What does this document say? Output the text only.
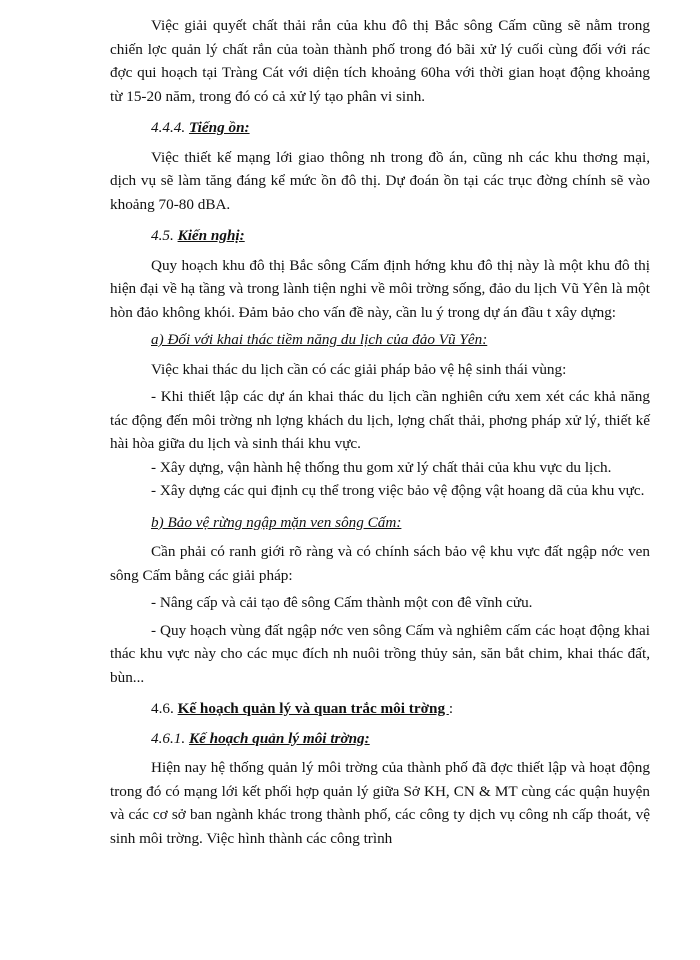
Việc giải quyết chất thải rắn của khu đô thị Bắc sông Cấm cũng sẽ nằm trong chiến lợc quản lý chất rắn của toàn thành phố trong đó bãi xử lý cuối cùng đối với rác đợc qui hoạch tại Tràng Cát với diện tích khoảng 60ha với thời gian hoạt động khoảng từ 15-20 năm, trong đó có cả xử lý tạo phân vi sinh.

4.4.4. Tiếng ồn:

Việc thiết kế mạng lới giao thông nh trong đồ án, cũng nh các khu thơng mại, dịch vụ sẽ làm tăng đáng kể mức ồn đô thị. Dự đoán ồn tại các trục đờng chính sẽ vào khoảng 70-80 dBA.

4.5. Kiến nghị:

Quy hoạch khu đô thị Bắc sông Cấm định hớng khu đô thị này là một khu đô thị hiện đại về hạ tầng và trong lành tiện nghi về môi trờng sống, đảo du lịch Vũ Yên là một hòn đảo không khói. Đảm bảo cho vấn đề này, cần lu ý trong dự án đầu t xây dựng:

a) Đối với khai thác tiềm năng du lịch của đảo Vũ Yên:

Việc khai thác du lịch cần có các giải pháp bảo vệ hệ sinh thái vùng:

- Khi thiết lập các dự án khai thác du lịch cần nghiên cứu xem xét các khả năng tác động đến môi trờng nh lợng khách du lịch, lợng chất thải, phơng pháp xử lý, thiết kế hài hòa giữa du lịch và sinh thái khu vực.

- Xây dựng, vận hành hệ thống thu gom xử lý chất thải của khu vực du lịch.

- Xây dựng các qui định cụ thể trong việc bảo vệ động vật hoang dã của khu vực.

b) Bảo vệ rừng ngập mặn ven sông Cấm:

Cần phải có ranh giới rõ ràng và có chính sách bảo vệ khu vực đất ngập nớc ven sông Cấm bằng các giải pháp:

- Nâng cấp và cải tạo đê sông Cấm thành một con đê vĩnh cửu.

- Quy hoạch vùng đất ngập nớc ven sông Cấm và nghiêm cấm các hoạt động khai thác khu vực này cho các mục đích nh nuôi trồng thủy sản, săn bắt chim, khai thác đất, bùn...

4.6. Kế hoạch quản lý và quan trắc môi trờng :
4.6.1. Kế hoạch quản lý môi trờng:

Hiện nay hệ thống quản lý môi trờng của thành phố đã đợc thiết lập và hoạt động trong đó có mạng lới kết phối hợp quản lý giữa Sở KH, CN & MT cùng các quận huyện và các cơ sở ban ngành khác trong thành phố, các công ty dịch vụ công nh cấp thoát, vệ sinh môi trờng. Việc hình thành các công trình
